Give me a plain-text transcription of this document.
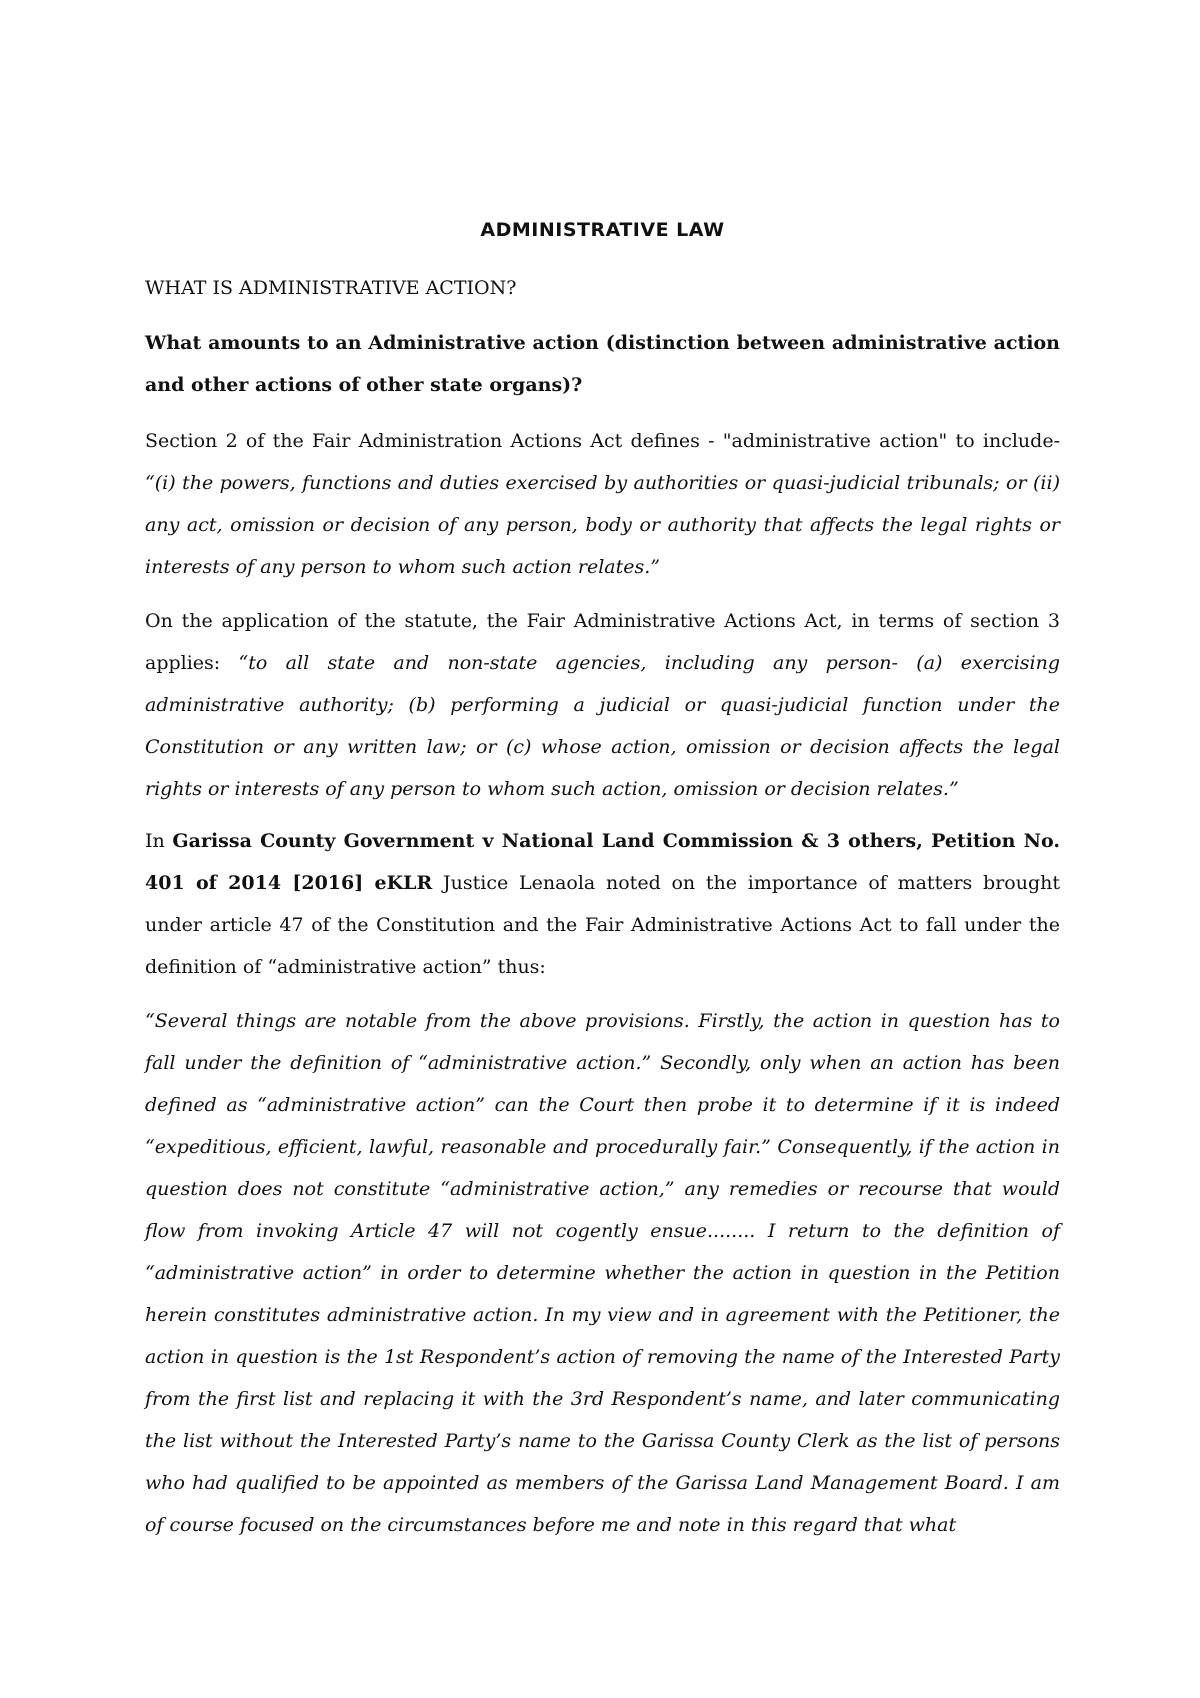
ADMINISTRATIVE LAW
WHAT IS ADMINISTRATIVE ACTION?

What amounts to an Administrative action (distinction between administrative action and other actions of other state organs)?

Section 2 of the Fair Administration Actions Act defines - "administrative action" to include- “(i) the powers, functions and duties exercised by authorities or quasi-judicial tribunals; or (ii) any act, omission or decision of any person, body or authority that affects the legal rights or interests of any person to whom such action relates.”

On the application of the statute, the Fair Administrative Actions Act, in terms of section 3 applies: “to all state and non-state agencies, including any person- (a) exercising administrative authority; (b) performing a judicial or quasi-judicial function under the Constitution or any written law; or (c) whose action, omission or decision affects the legal rights or interests of any person to whom such action, omission or decision relates.”

In Garissa County Government v National Land Commission & 3 others, Petition No. 401 of 2014 [2016] eKLR Justice Lenaola noted on the importance of matters brought under article 47 of the Constitution and the Fair Administrative Actions Act to fall under the definition of “administrative action” thus:

“Several things are notable from the above provisions. Firstly, the action in question has to fall under the definition of “administrative action.” Secondly, only when an action has been defined as “administrative action” can the Court then probe it to determine if it is indeed “expeditious, efficient, lawful, reasonable and procedurally fair.” Consequently, if the action in question does not constitute “administrative action,” any remedies or recourse that would flow from invoking Article 47 will not cogently ensue........ I return to the definition of “administrative action” in order to determine whether the action in question in the Petition herein constitutes administrative action. In my view and in agreement with the Petitioner, the action in question is the 1st Respondent’s action of removing the name of the Interested Party from the first list and replacing it with the 3rd Respondent’s name, and later communicating the list without the Interested Party’s name to the Garissa County Clerk as the list of persons who had qualified to be appointed as members of the Garissa Land Management Board. I am of course focused on the circumstances before me and note in this regard that what
